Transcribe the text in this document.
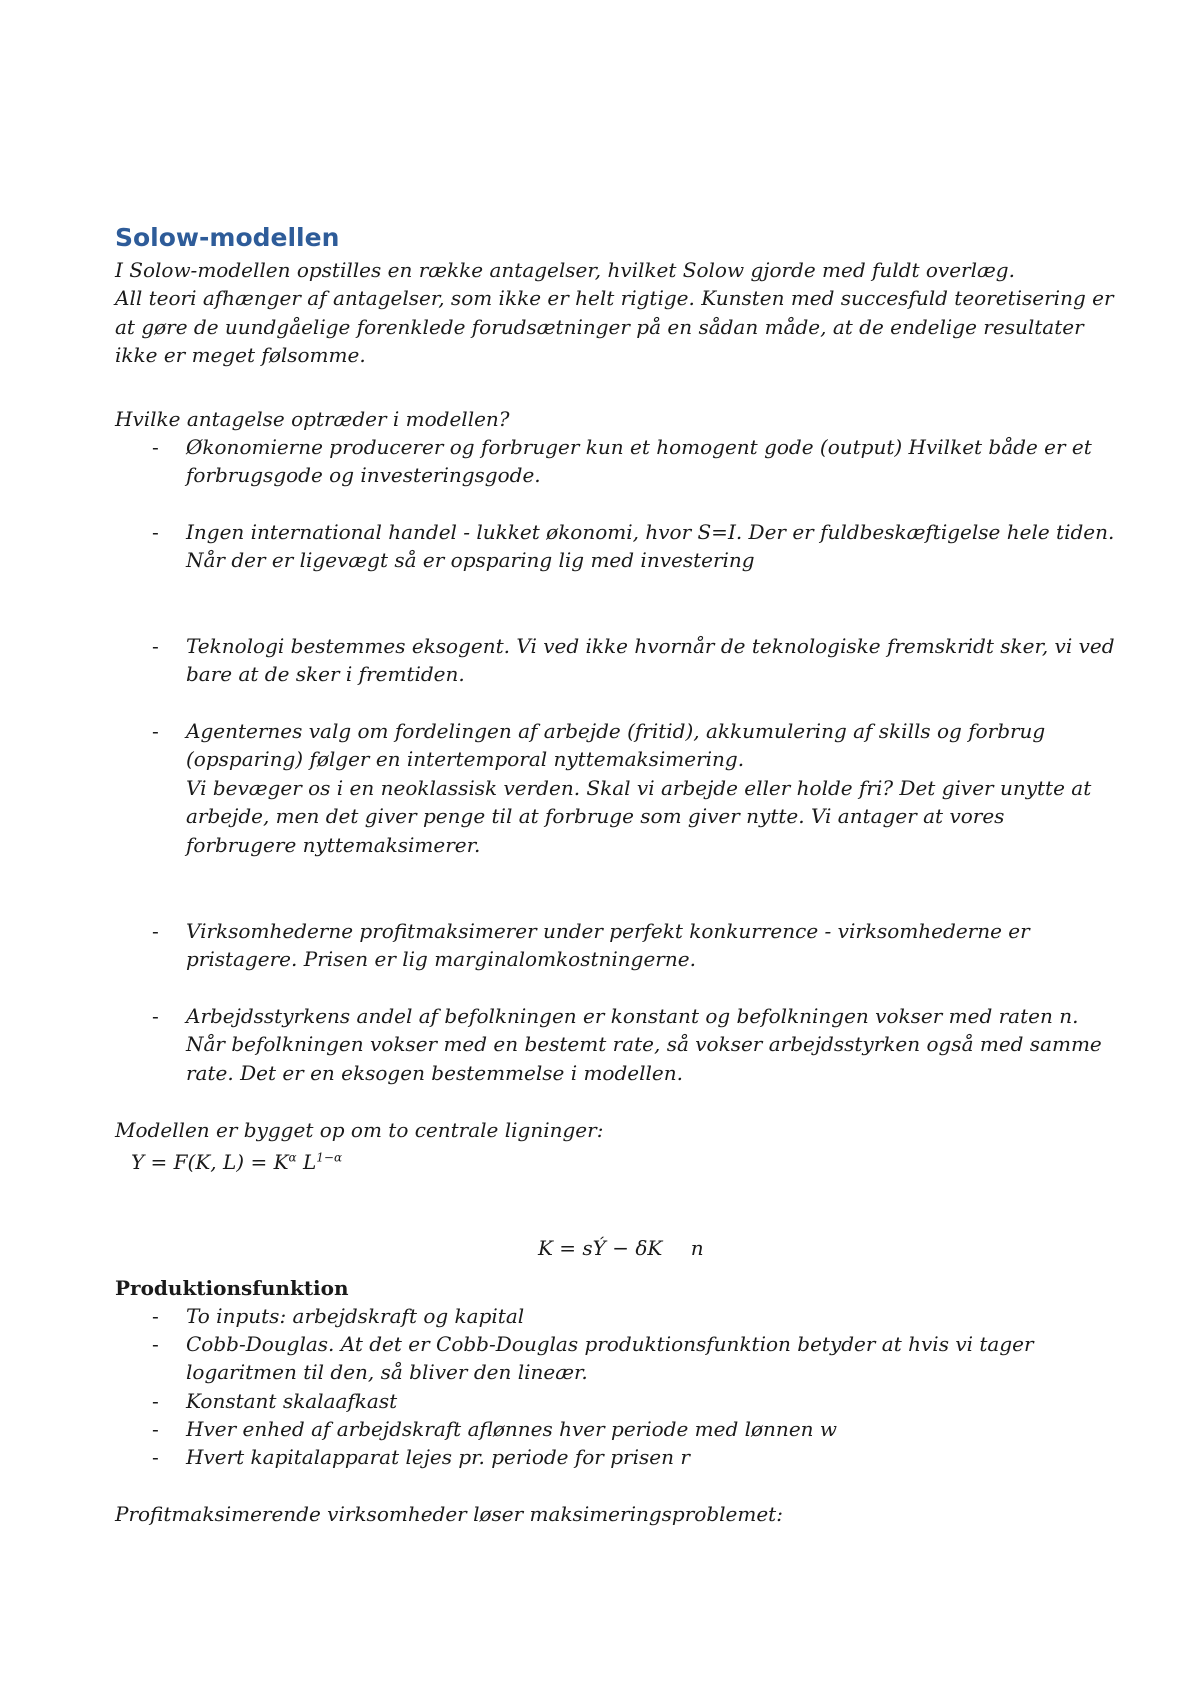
Solow-modellen

I Solow-modellen opstilles en række antagelser, hvilket Solow gjorde med fuldt overlæg.
All teori afhænger af antagelser, som ikke er helt rigtige. Kunsten med succesfuld teoretisering er
at gøre de uundgåelige forenklede forudsætninger på en sådan måde, at de endelige resultater
ikke er meget følsomme.

Hvilke antagelse optræder i modellen?

- Økonomierne producerer og forbruger kun et homogent gode (output) Hvilket både er et
forbrugsgode og investeringsgode.
- Ingen international handel - lukket økonomi, hvor S=I. Der er fuldbeskæftigelse hele tiden.
Når der er ligevægt så er opsparing lig med investering
- Teknologi bestemmes eksogent. Vi ved ikke hvornår de teknologiske fremskridt sker, vi ved
bare at de sker i fremtiden.
- Agenternes valg om fordelingen af arbejde (fritid), akkumulering af skills og forbrug
(opsparing) følger en intertemporal nyttemaksimering.
Vi bevæger os i en neoklassisk verden. Skal vi arbejde eller holde fri? Det giver unytte at
arbejde, men det giver penge til at forbruge som giver nytte. Vi antager at vores
forbrugere nyttemaksimerer.
- Virksomhederne profitmaksimerer under perfekt konkurrence - virksomhederne er
pristagere. Prisen er lig marginalomkostningerne.
- Arbejdsstyrkens andel af befolkningen er konstant og befolkningen vokser med raten n.
Når befolkningen vokser med en bestemt rate, så vokser arbejdsstyrken også med samme
rate. Det er en eksogen bestemmelse i modellen.

Modellen er bygget op om to centrale ligninger:

Y = F(K, $L) = K^\alpha$ $L^{1-\alpha}$
K = sÝ − δK n
Produktionsfunktion
- To inputs: arbejdskraft og kapital
- Cobb-Douglas. At det er Cobb-Douglas produktionsfunktion betyder at hvis vi tager
logaritmen til den, så bliver den lineær.
- Konstant skalaafkast
- Hver enhed af arbejdskraft aflønnes hver periode med lønnen w
- Hvert kapitalapparat lejes pr. periode for prisen r

Profitmaksimerende virksomheder løser maksimeringsproblemet:
